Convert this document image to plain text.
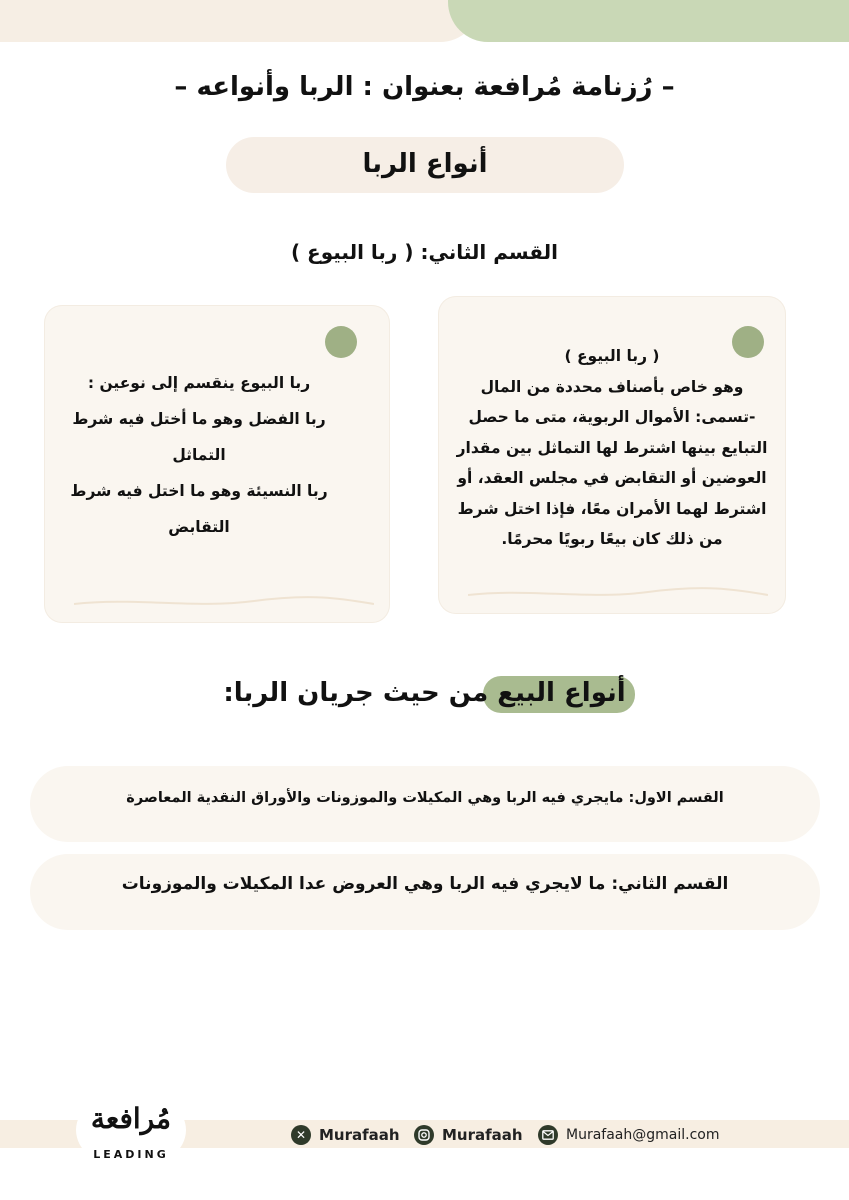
– رُزنامة مُرافعة بعنوان : الربا وأنواعه –
أنواع الربا
القسم الثاني: ( ربا البيوع )
( ربا البيوع )
وهو خاص بأصناف محددة من المال
-تسمى: الأموال الربوية، متى ما حصل
التبايع بينها اشترط لها التماثل بين مقدار
العوضين أو التقابض في مجلس العقد، أو
اشترط لهما الأمران معًا، فإذا اختل شرط
من ذلك كان بيعًا ربويًا محرمًا.
ربا البيوع ينقسم إلى نوعين :
ربا الفضل وهو ما أختل فيه شرط
التماثل
ربا النسيئة وهو ما اختل فيه شرط
التقابض
أنواع البيع من حيث جريان الربا:
القسم الاول: مايجري فيه الربا وهي المكيلات والموزونات والأوراق النقدية المعاصرة
القسم الثاني: ما لايجري فيه الربا وهي العروض عدا المكيلات والموزونات
مُرافعة
LEADING
✕ Murafaah	Murafaah	Murafaah@gmail.com
